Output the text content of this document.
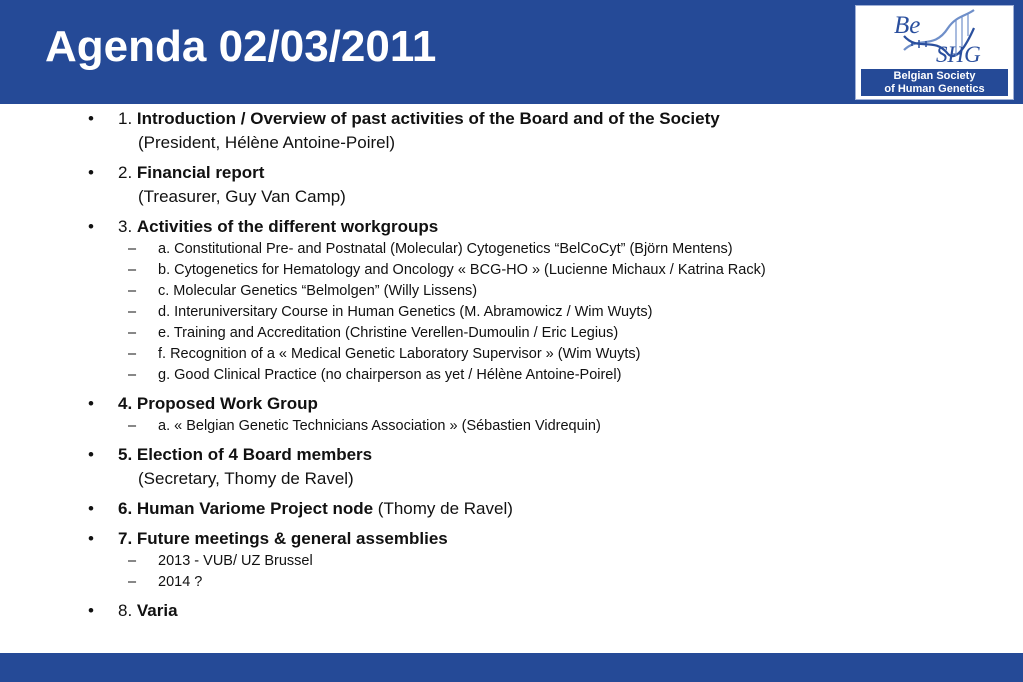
Agenda 02/03/2011	Be
SHG
Belgian Society
of Human Genetics
• 1. Introduction / Overview of past activities of the Board and of the Society
(President, Hélène Antoine-Poirel)
• 2. Financial report
(Treasurer, Guy Van Camp)
• 3. Activities of the different workgroups
– a. Constitutional Pre- and Postnatal (Molecular) Cytogenetics “BelCoCyt” (Björn Mentens)
– b. Cytogenetics for Hematology and Oncology « BCG-HO » (Lucienne Michaux / Katrina Rack)
– c. Molecular Genetics “Belmolgen” (Willy Lissens)
– d. Interuniversitary Course in Human Genetics (M. Abramowicz / Wim Wuyts)
– e. Training and Accreditation (Christine Verellen-Dumoulin / Eric Legius)
– f. Recognition of a « Medical Genetic Laboratory Supervisor » (Wim Wuyts)
– g. Good Clinical Practice (no chairperson as yet / Hélène Antoine-Poirel)
• 4. Proposed Work Group
– a. « Belgian Genetic Technicians Association » (Sébastien Vidrequin)
• 5. Election of 4 Board members
(Secretary, Thomy de Ravel)
• 6. Human Variome Project node (Thomy de Ravel)
• 7. Future meetings & general assemblies
– 2013 - VUB/ UZ Brussel
– 2014 ?
• 8. Varia
